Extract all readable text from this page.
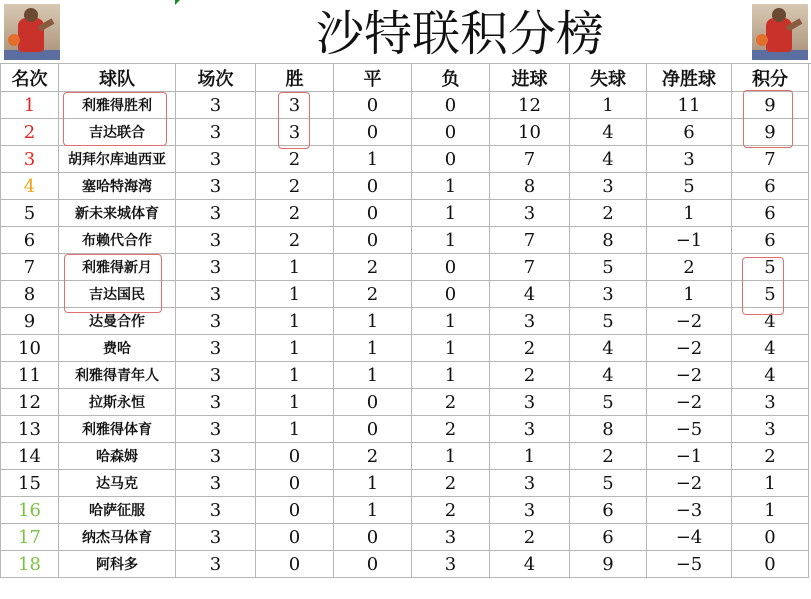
沙特联积分榜
名次	球队	场次	胜	平	负	进球	失球	净胜球	积分
1	利雅得胜利	3	3	0	0	12	1	11	9
2	吉达联合	3	3	0	0	10	4	6	9
3	胡拜尔库迪西亚	3	2	1	0	7	4	3	7
4	塞哈特海湾	3	2	0	1	8	3	5	6
5	新未来城体育	3	2	0	1	3	2	1	6
6	布赖代合作	3	2	0	1	7	8	−1	6
7	利雅得新月	3	1	2	0	7	5	2	5
8	吉达国民	3	1	2	0	4	3	1	5
9	达曼合作	3	1	1	1	3	5	−2	4
10	费哈	3	1	1	1	2	4	−2	4
11	利雅得青年人	3	1	1	1	2	4	−2	4
12	拉斯永恒	3	1	0	2	3	5	−2	3
13	利雅得体育	3	1	0	2	3	8	−5	3
14	哈森姆	3	0	2	1	1	2	−1	2
15	达马克	3	0	1	2	3	5	−2	1
16	哈萨征服	3	0	1	2	3	6	−3	1
17	纳杰马体育	3	0	0	3	2	6	−4	0
18	阿科多	3	0	0	3	4	9	−5	0
